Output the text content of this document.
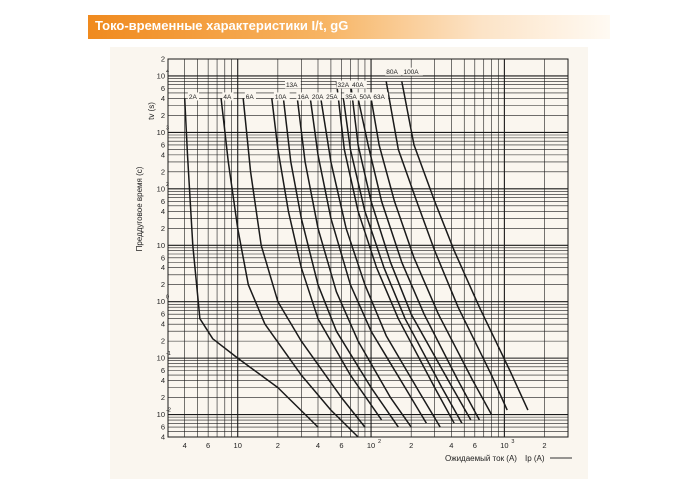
Токо-временные характеристики I/t, gG
2A	4A 6A	10A
13A
16A 20A 25A
32A
35A
40A
50A 63A
80A 100A
4	6	10	2	4	6	10 2	2	4	6	10 3	2
4
6
10 -2
2
4
6
10 -1
2
4
6
10 0
2
4
6
10
2
4
6
10 2
2
4
6
10 3
2
4
6
10 4
2
Преддуговое время (c)
tv (s)
Ожидаемый ток (A) Ip (A)
